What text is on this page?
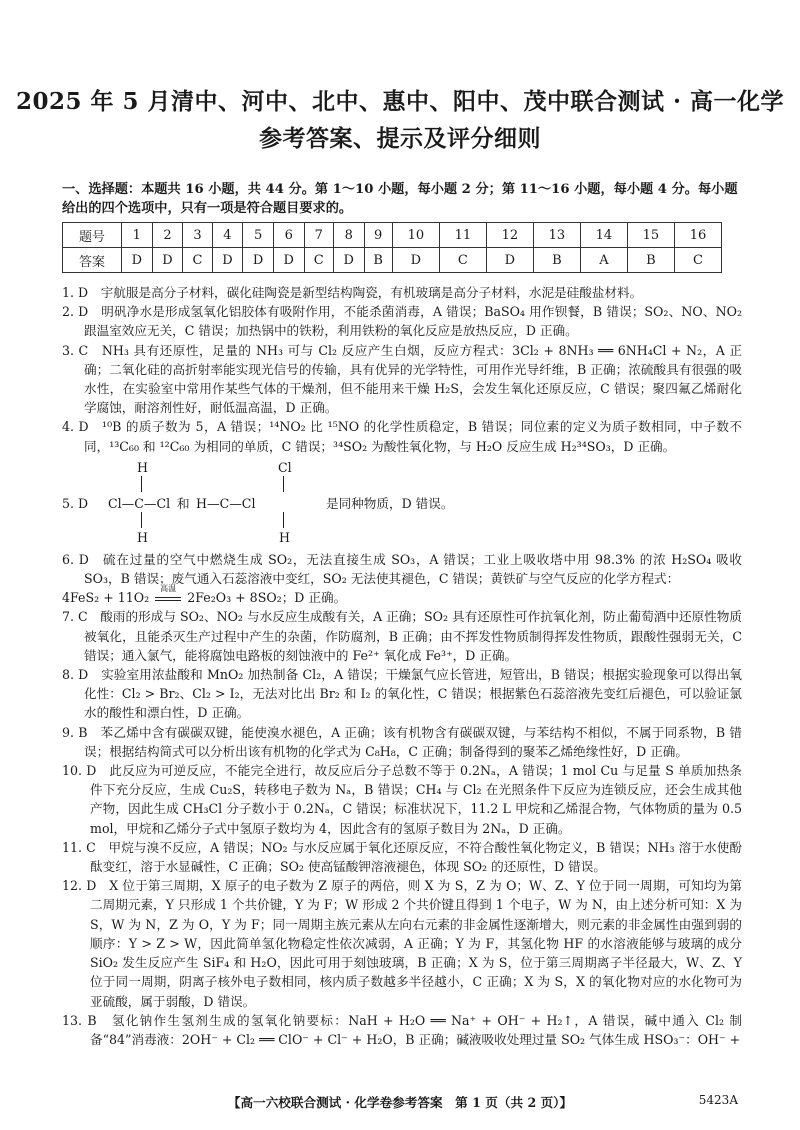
2025 年 5 月清中、河中、北中、惠中、阳中、茂中联合测试 · 高一化学
参考答案、提示及评分细则
一、选择题：本题共 16 小题，共 44 分。第 1～10 小题，每小题 2 分；第 11～16 小题，每小题 4 分。每小题给出的四个选项中，只有一项是符合题目要求的。
题号	1	2	3	4	5	6	7	8	9	10	11	12	13	14	15	16
答案	D	D	C	D	D	D	C	D	B	D	C	D	B	A	B	C

1. D　宇航服是高分子材料，碳化硅陶瓷是新型结构陶瓷，有机玻璃是高分子材料，水泥是硅酸盐材料。

2. D　明矾净水是形成氢氧化铝胶体有吸附作用，不能杀菌消毒，A 错误；BaSO₄ 用作钡餐，B 错误；SO₂、NO、NO₂ 跟温室效应无关，C 错误；加热锅中的铁粉，利用铁粉的氧化反应是放热反应，D 正确。

3. C　NH₃ 具有还原性，足量的 NH₃ 可与 Cl₂ 反应产生白烟，反应方程式：3Cl₂ + 8NH₃ ══ 6NH₄Cl + N₂，A 正确；二氧化硅的高折射率能实现光信号的传输，具有优异的光学特性，可用作光导纤维，B 正确；浓硫酸具有很强的吸水性，在实验室中常用作某些气体的干燥剂，但不能用来干燥 H₂S，会发生氧化还原反应，C 错误；聚四氟乙烯耐化学腐蚀，耐溶剂性好，耐低温高温，D 正确。

4. D　¹⁰B 的质子数为 5，A 错误；¹⁴NO₂ 比 ¹⁵NO 的化学性质稳定，B 错误；同位素的定义为质子数相同，中子数不同，¹³C₆₀ 和 ¹²C₆₀ 为相同的单质，C 错误；³⁴SO₂ 为酸性氧化物，与 H₂O 反应生成 H₂³⁴SO₃，D 正确。

5. D
H
Cl—C—Cl
H
和
Cl
H—C—Cl
H
是同种物质，D 错误。

6. D　硫在过量的空气中燃烧生成 SO₂，无法直接生成 SO₃，A 错误；工业上吸收塔中用 98.3% 的浓 H₂SO₄ 吸收 SO₃，B 错误；废气通入石蕊溶液中变红，SO₂ 无法使其褪色，C 错误；黄铁矿与空气反应的化学方程式：

4FeS₂ + 11O₂
高温
2Fe₂O₃ + 8SO₂；D 正确。

7. C　酸雨的形成与 SO₂、NO₂ 与水反应生成酸有关，A 正确；SO₂ 具有还原性可作抗氧化剂，防止葡萄酒中还原性物质被氧化，且能杀灭生产过程中产生的杂菌，作防腐剂，B 正确；由不挥发性物质制得挥发性物质，跟酸性强弱无关，C 错误；通入氯气，能将腐蚀电路板的刻蚀液中的 Fe²⁺ 氧化成 Fe³⁺，D 正确。

8. D　实验室用浓盐酸和 MnO₂ 加热制备 Cl₂，A 错误；干燥氯气应长管进，短管出，B 错误；根据实验现象可以得出氧化性：Cl₂ > Br₂、Cl₂ > I₂，无法对比出 Br₂ 和 I₂ 的氧化性，C 错误；根据紫色石蕊溶液先变红后褪色，可以验证氯水的酸性和漂白性，D 正确。

9. B　苯乙烯中含有碳碳双键，能使溴水褪色，A 正确；该有机物含有碳碳双键，与苯结构不相似，不属于同系物，B 错误；根据结构简式可以分析出该有机物的化学式为 C₈H₈，C 正确；制备得到的聚苯乙烯绝缘性好，D 正确。

10. D　此反应为可逆反应，不能完全进行，故反应后分子总数不等于 0.2Nₐ，A 错误；1 mol Cu 与足量 S 单质加热条件下充分反应，生成 Cu₂S，转移电子数为 Nₐ，B 错误；CH₄ 与 Cl₂ 在光照条件下反应为连锁反应，还会生成其他产物，因此生成 CH₃Cl 分子数小于 0.2Nₐ，C 错误；标准状况下，11.2 L 甲烷和乙烯混合物，气体物质的量为 0.5 mol，甲烷和乙烯分子式中氢原子数均为 4，因此含有的氢原子数目为 2Nₐ，D 正确。

11. C　甲烷与溴不反应，A 错误；NO₂ 与水反应属于氧化还原反应，不符合酸性氧化物定义，B 错误；NH₃ 溶于水使酚酞变红，溶于水显碱性，C 正确；SO₂ 使高锰酸钾溶液褪色，体现 SO₂ 的还原性，D 错误。

12. D　X 位于第三周期，X 原子的电子数为 Z 原子的两倍，则 X 为 S，Z 为 O；W、Z、Y 位于同一周期，可知均为第二周期元素，Y 只形成 1 个共价键，Y 为 F；W 形成 2 个共价键且得到 1 个电子，W 为 N，由上述分析可知：X 为 S，W 为 N，Z 为 O，Y 为 F；同一周期主族元素从左向右元素的非金属性逐渐增大，则元素的非金属性由强到弱的顺序：Y > Z > W，因此简单氢化物稳定性依次减弱，A 正确；Y 为 F，其氢化物 HF 的水溶液能够与玻璃的成分 SiO₂ 发生反应产生 SiF₄ 和 H₂O，因此可用于刻蚀玻璃，B 正确；X 为 S，位于第三周期离子半径最大，W、Z、Y 位于同一周期，阴离子核外电子数相同，核内质子数越多半径越小，C 正确；X 为 S，X 的氧化物对应的水化物可为亚硫酸，属于弱酸，D 错误。

13. B　氢化钠作生氢剂生成的氢氧化钠要标：NaH + H₂O ══ Na⁺ + OH⁻ + H₂↑，A 错误，碱中通入 Cl₂ 制备“84”消毒液：2OH⁻ + Cl₂ ══ ClO⁻ + Cl⁻ + H₂O，B 正确；碱液吸收处理过量 SO₂ 气体生成 HSO₃⁻：OH⁻ +

【高一六校联合测试 · 化学卷参考答案　第 1 页（共 2 页）】	5423A
